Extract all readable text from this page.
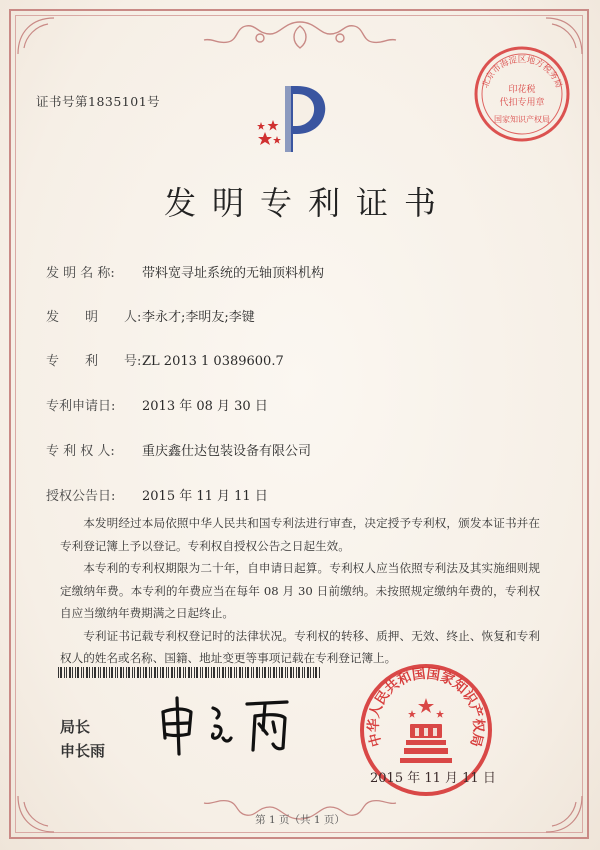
证书号第1835101号
北京市海淀区地方税务局
印花税
代扣专用章
国家知识产权局
发明专利证书
发 明 名 称: 带料宽寻址系统的无轴顶料机构
发　　明　　人:李永才;李明友;李键
专　　利　　号:ZL 2013 1 0389600.7
专利申请日: 2013 年 08 月 30 日
专 利 权 人: 重庆鑫仕达包装设备有限公司
授权公告日: 2015 年 11 月 11 日

本发明经过本局依照中华人民共和国专利法进行审查，决定授予专利权，颁发本证书并在专利登记簿上予以登记。专利权自授权公告之日起生效。

本专利的专利权期限为二十年，自申请日起算。专利权人应当依照专利法及其实施细则规定缴纳年费。本专利的年费应当在每年 08 月 30 日前缴纳。未按照规定缴纳年费的，专利权自应当缴纳年费期满之日起终止。

专利证书记载专利权登记时的法律状况。专利权的转移、质押、无效、终止、恢复和专利权人的姓名或名称、国籍、地址变更等事项记载在专利登记簿上。

局长
申长雨
中华人民共和国国家知识产权局
2015 年 11 月 11 日
第 1 页（共 1 页）
